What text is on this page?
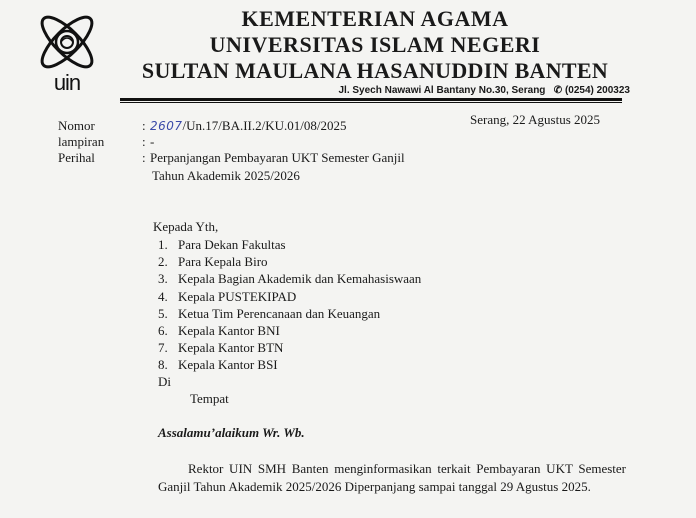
uin
KEMENTERIAN AGAMA
UNIVERSITAS ISLAM NEGERI
SULTAN MAULANA HASANUDDIN BANTEN
Jl. Syech Nawawi Al Bantany No.30, Serang ✆ (0254) 200323
Serang, 22 Agustus 2025
Nomor	: 2607/Un.17/BA.II.2/KU.01/08/2025
lampiran	: -
Perihal	: Perpanjangan Pembayaran UKT Semester Ganjil
Tahun Akademik 2025/2026
Kepada Yth,
1. Para Dekan Fakultas
2. Para Kepala Biro
3. Kepala Bagian Akademik dan Kemahasiswaan
4. Kepala PUSTEKIPAD
5. Ketua Tim Perencanaan dan Keuangan
6. Kepala Kantor BNI
7. Kepala Kantor BTN
8. Kepala Kantor BSI
Di
Tempat
Assalamu’alaikum Wr. Wb.
Rektor UIN SMH Banten menginformasikan terkait Pembayaran UKT Semester Ganjil Tahun Akademik 2025/2026 Diperpanjang sampai tanggal 29 Agustus 2025.
